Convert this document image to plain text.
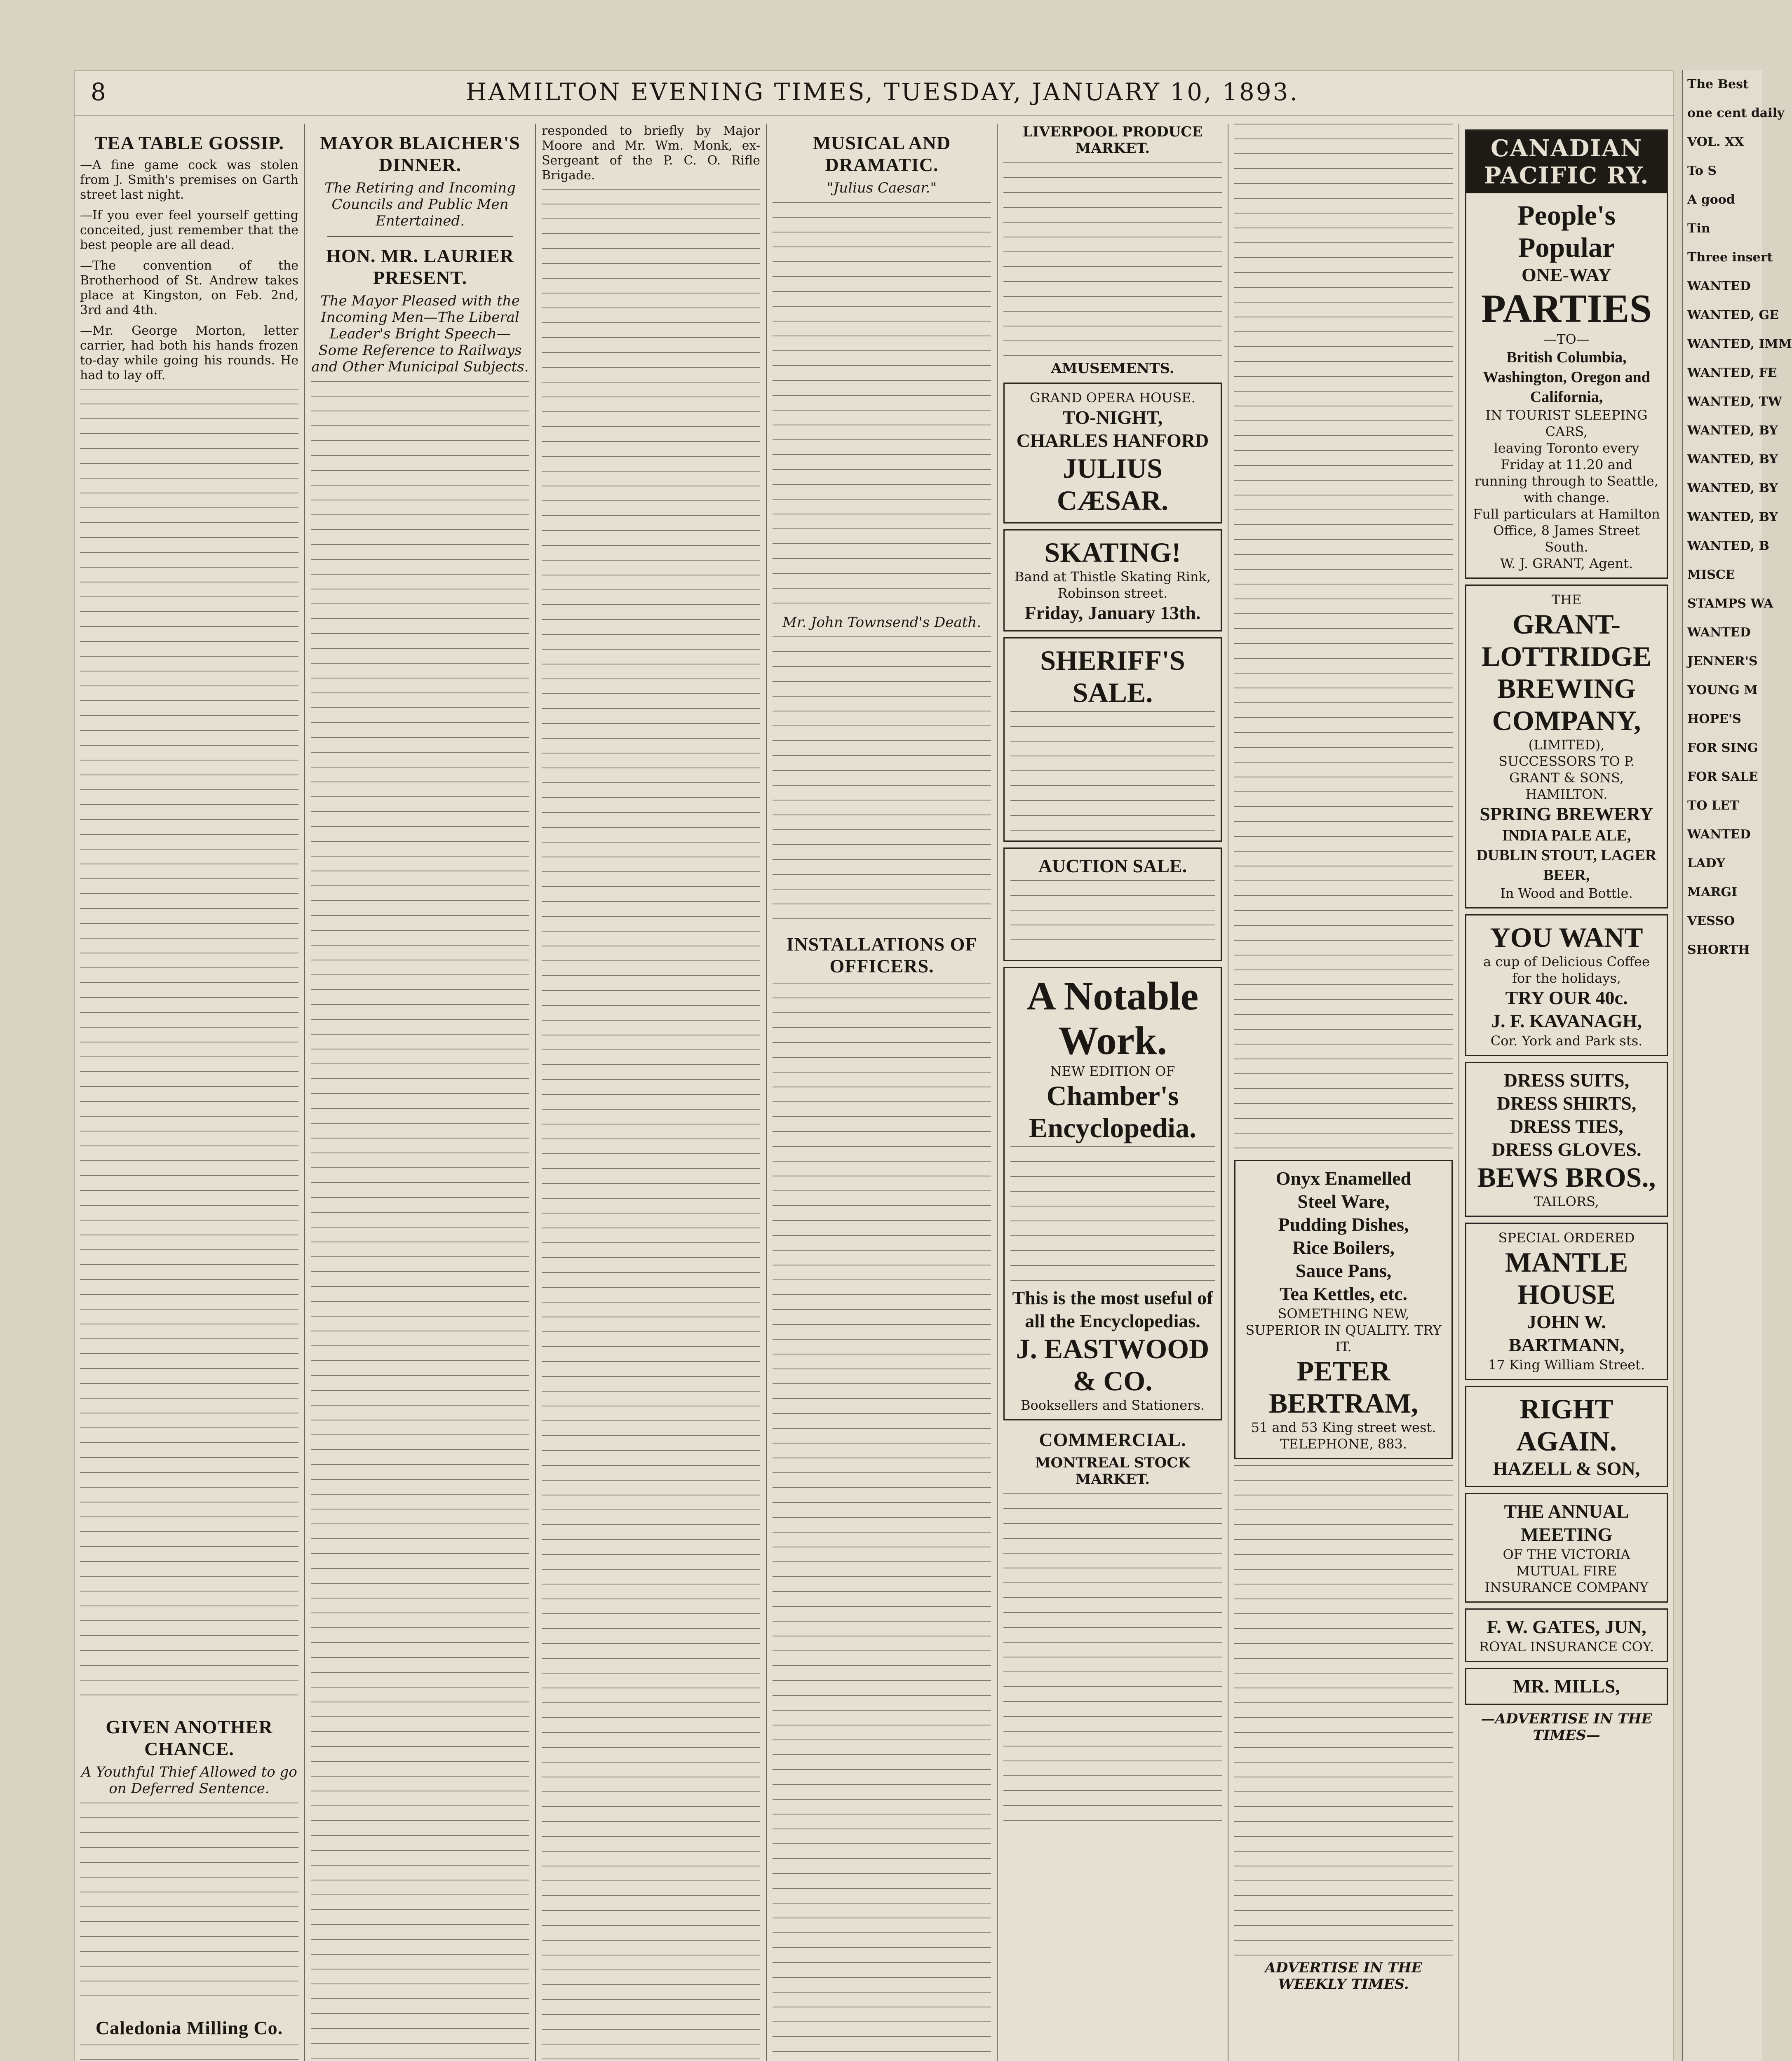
8	HAMILTON EVENING TIMES, TUESDAY, JANUARY 10, 1893.
TEA TABLE GOSSIP.

—A fine game cock was stolen from J. Smith's premises on Garth street last night.

—If you ever feel yourself getting conceited, just remember that the best people are all dead.

—The convention of the Brotherhood of St. Andrew takes place at Kingston, on Feb. 2nd, 3rd and 4th.

—Mr. George Morton, letter carrier, had both his hands frozen to-day while going his rounds. He had to lay off.

GIVEN ANOTHER CHANCE.
A Youthful Thief Allowed to go on Deferred Sentence.
Caledonia Milling Co.
MAYOR BLAICHER'S DINNER.
The Retiring and Incoming Councils and Public Men Entertained.
HON. MR. LAURIER PRESENT.
The Mayor Pleased with the Incoming Men—The Liberal Leader's Bright Speech—Some Reference to Railways and Other Municipal Subjects.

responded to briefly by Major Moore and Mr. Wm. Monk, ex-Sergeant of the P. C. O. Rifle Brigade.

MUSICAL AND DRAMATIC.
"Julius Caesar."
Mr. John Townsend's Death.
INSTALLATIONS OF OFFICERS.
LIVERPOOL PRODUCE MARKET.
AMUSEMENTS.
GRAND OPERA HOUSE.
TO-NIGHT,
CHARLES HANFORD
JULIUS CÆSAR.
SKATING!
Band at Thistle Skating Rink, Robinson street.
Friday, January 13th.
SHERIFF'S SALE.
AUCTION SALE.
A Notable Work.
NEW EDITION OF
Chamber's Encyclopedia.
This is the most useful of all the Encyclopedias.
J. EASTWOOD & CO.
Booksellers and Stationers.
COMMERCIAL.
MONTREAL STOCK MARKET.
Onyx Enamelled
Steel Ware,
Pudding Dishes,
Rice Boilers,
Sauce Pans,
Tea Kettles, etc.
SOMETHING NEW, SUPERIOR IN QUALITY. TRY IT.
PETER BERTRAM,
51 and 53 King street west.
TELEPHONE, 883.
ADVERTISE IN THE WEEKLY TIMES.
CANADIAN PACIFIC RY.
People's Popular
ONE-WAY
PARTIES
—TO—
British Columbia, Washington, Oregon and California,
IN TOURIST SLEEPING CARS,
leaving Toronto every Friday at 11.20 and running through to Seattle, with change.
Full particulars at Hamilton Office, 8 James Street South.
W. J. GRANT, Agent.
THE
GRANT-LOTTRIDGE
BREWING COMPANY,
(LIMITED),
SUCCESSORS TO P. GRANT & SONS,
HAMILTON.
SPRING BREWERY
INDIA PALE ALE, DUBLIN STOUT, LAGER BEER,
In Wood and Bottle.
YOU WANT
a cup of Delicious Coffee for the holidays,
TRY OUR 40c.
J. F. KAVANAGH,
Cor. York and Park sts.
DRESS SUITS,
DRESS SHIRTS,
DRESS TIES,
DRESS GLOVES.
BEWS BROS.,
TAILORS,
SPECIAL ORDERED
MANTLE HOUSE
JOHN W. BARTMANN,
17 King William Street.
RIGHT AGAIN.
HAZELL & SON,
THE ANNUAL MEETING
OF THE VICTORIA MUTUAL FIRE INSURANCE COMPANY
F. W. GATES, JUN,
ROYAL INSURANCE COY.
MR. MILLS,
—ADVERTISE IN THE TIMES—
The Best
one cent daily
VOL. XX
To S
A good
Tin
Three insert
WANTED
WANTED, GE
WANTED, IMM
WANTED, FE
WANTED, TW
WANTED, BY
WANTED, BY
WANTED, BY
WANTED, BY
WANTED, B
MISCE
STAMPS WA
WANTED
JENNER'S
YOUNG M
HOPE'S
FOR SING
FOR SALE
TO LET
WANTED
LADY
MARGI
VESSO
SHORTH
